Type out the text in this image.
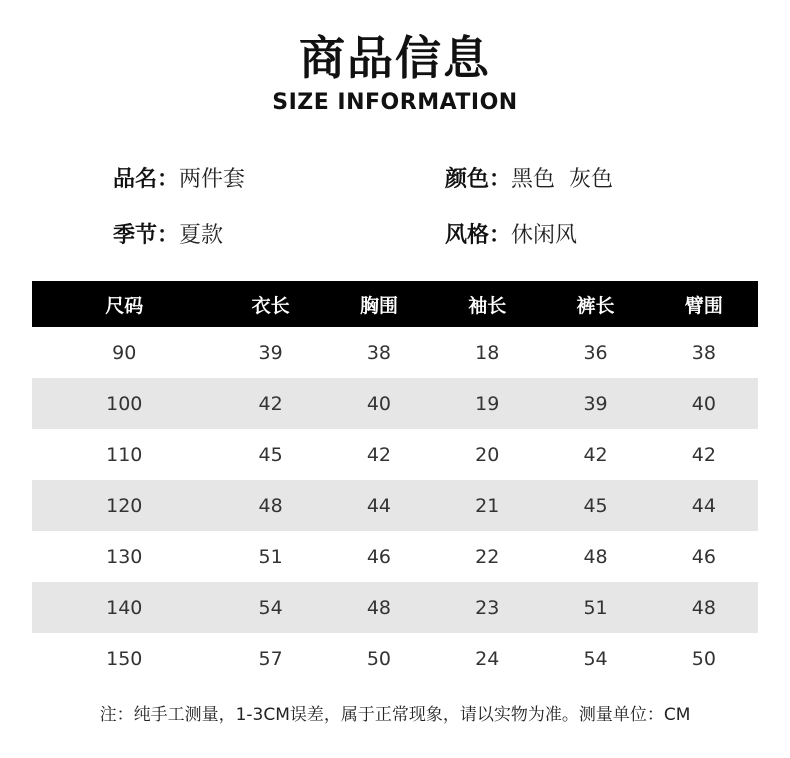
商品信息
SIZE INFORMATION
品名：两件套	颜色：黑色  灰色
季节：夏款	风格：休闲风
尺码	衣长	胸围	袖长	裤长	臂围
90	39	38	18	36	38
100	42	40	19	39	40
110	45	42	20	42	42
120	48	44	21	45	44
130	51	46	22	48	46
140	54	48	23	51	48
150	57	50	24	54	50
注：纯手工测量，1-3CM误差，属于正常现象，请以实物为准。测量单位：CM
